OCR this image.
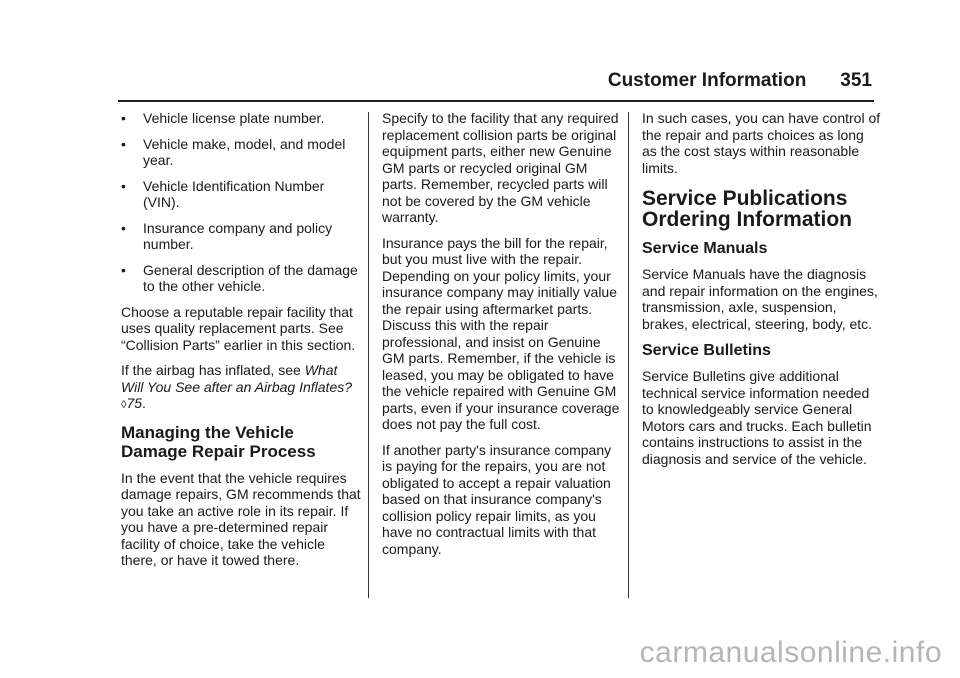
Customer Information 351
• Vehicle license plate number.
• Vehicle make, model, and model year.
• Vehicle Identification Number (VIN).
• Insurance company and policy number.
• General description of the damage to the other vehicle.

Choose a reputable repair facility that uses quality replacement parts. See “Collision Parts” earlier in this section.

If the airbag has inflated, see What Will You See after an Airbag Inflates? ◊75.

Managing the Vehicle Damage Repair Process

In the event that the vehicle requires damage repairs, GM recommends that you take an active role in its repair. If you have a pre-determined repair facility of choice, take the vehicle there, or have it towed there.

Specify to the facility that any required replacement collision parts be original equipment parts, either new Genuine GM parts or recycled original GM parts. Remember, recycled parts will not be covered by the GM vehicle warranty.

Insurance pays the bill for the repair, but you must live with the repair. Depending on your policy limits, your insurance company may initially value the repair using aftermarket parts. Discuss this with the repair professional, and insist on Genuine GM parts. Remember, if the vehicle is leased, you may be obligated to have the vehicle repaired with Genuine GM parts, even if your insurance coverage does not pay the full cost.

If another party's insurance company is paying for the repairs, you are not obligated to accept a repair valuation based on that insurance company's collision policy repair limits, as you have no contractual limits with that company.

In such cases, you can have control of the repair and parts choices as long as the cost stays within reasonable limits.

Service Publications Ordering Information
Service Manuals

Service Manuals have the diagnosis and repair information on the engines, transmission, axle, suspension, brakes, electrical, steering, body, etc.

Service Bulletins

Service Bulletins give additional technical service information needed to knowledgeably service General Motors cars and trucks. Each bulletin contains instructions to assist in the diagnosis and service of the vehicle.

carmanualsonline.info
